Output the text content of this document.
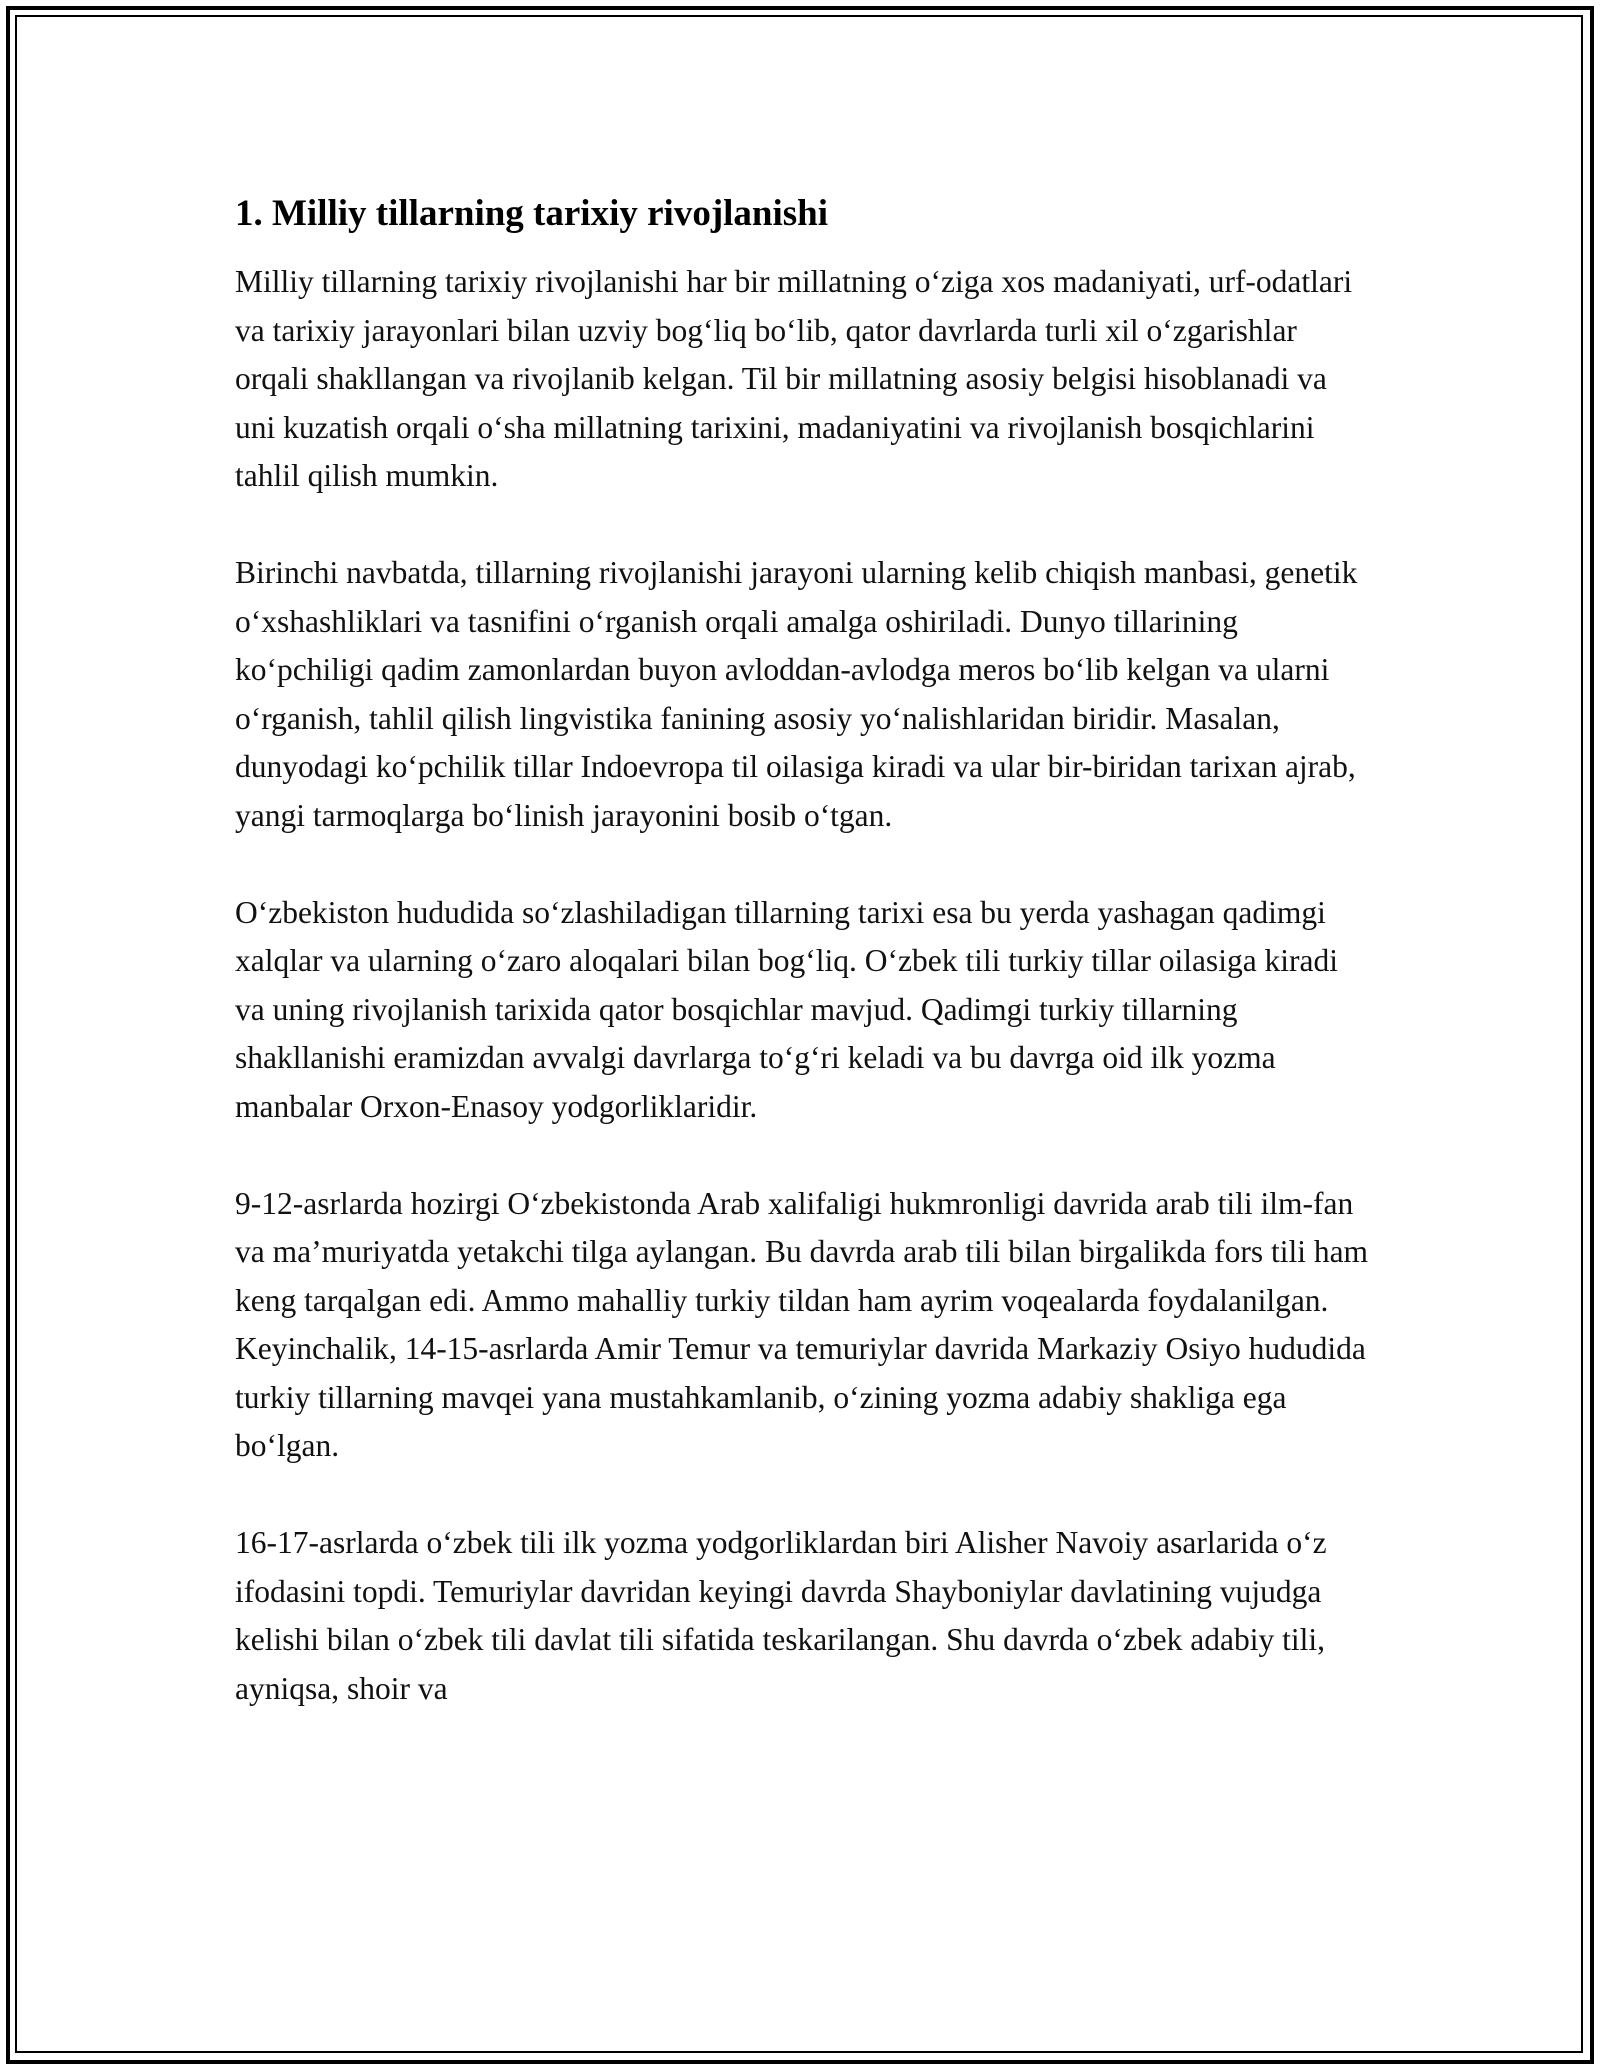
1. Milliy tillarning tarixiy rivojlanishi

Milliy tillarning tarixiy rivojlanishi har bir millatning o‘ziga xos madaniyati, urf-odatlari va tarixiy jarayonlari bilan uzviy bog‘liq bo‘lib, qator davrlarda turli xil o‘zgarishlar orqali shakllangan va rivojlanib kelgan. Til bir millatning asosiy belgisi hisoblanadi va uni kuzatish orqali o‘sha millatning tarixini, madaniyatini va rivojlanish bosqichlarini tahlil qilish mumkin.

Birinchi navbatda, tillarning rivojlanishi jarayoni ularning kelib chiqish manbasi, genetik o‘xshashliklari va tasnifini o‘rganish orqali amalga oshiriladi. Dunyo tillarining ko‘pchiligi qadim zamonlardan buyon avloddan-avlodga meros bo‘lib kelgan va ularni o‘rganish, tahlil qilish lingvistika fanining asosiy yo‘nalishlaridan biridir. Masalan, dunyodagi ko‘pchilik tillar Indoevropa til oilasiga kiradi va ular bir-biridan tarixan ajrab, yangi tarmoqlarga bo‘linish jarayonini bosib o‘tgan.

O‘zbekiston hududida so‘zlashiladigan tillarning tarixi esa bu yerda yashagan qadimgi xalqlar va ularning o‘zaro aloqalari bilan bog‘liq. O‘zbek tili turkiy tillar oilasiga kiradi va uning rivojlanish tarixida qator bosqichlar mavjud. Qadimgi turkiy tillarning shakllanishi eramizdan avvalgi davrlarga to‘g‘ri keladi va bu davrga oid ilk yozma manbalar Orxon-Enasoy yodgorliklaridir.

9-12-asrlarda hozirgi O‘zbekistonda Arab xalifaligi hukmronligi davrida arab tili ilm-fan va ma’muriyatda yetakchi tilga aylangan. Bu davrda arab tili bilan birgalikda fors tili ham keng tarqalgan edi. Ammo mahalliy turkiy tildan ham ayrim voqealarda foydalanilgan. Keyinchalik, 14-15-asrlarda Amir Temur va temuriylar davrida Markaziy Osiyo hududida turkiy tillarning mavqei yana mustahkamlanib, o‘zining yozma adabiy shakliga ega bo‘lgan.

16-17-asrlarda o‘zbek tili ilk yozma yodgorliklardan biri Alisher Navoiy asarlarida o‘z ifodasini topdi. Temuriylar davridan keyingi davrda Shayboniylar davlatining vujudga kelishi bilan o‘zbek tili davlat tili sifatida teskarilangan. Shu davrda o‘zbek adabiy tili, ayniqsa, shoir va
